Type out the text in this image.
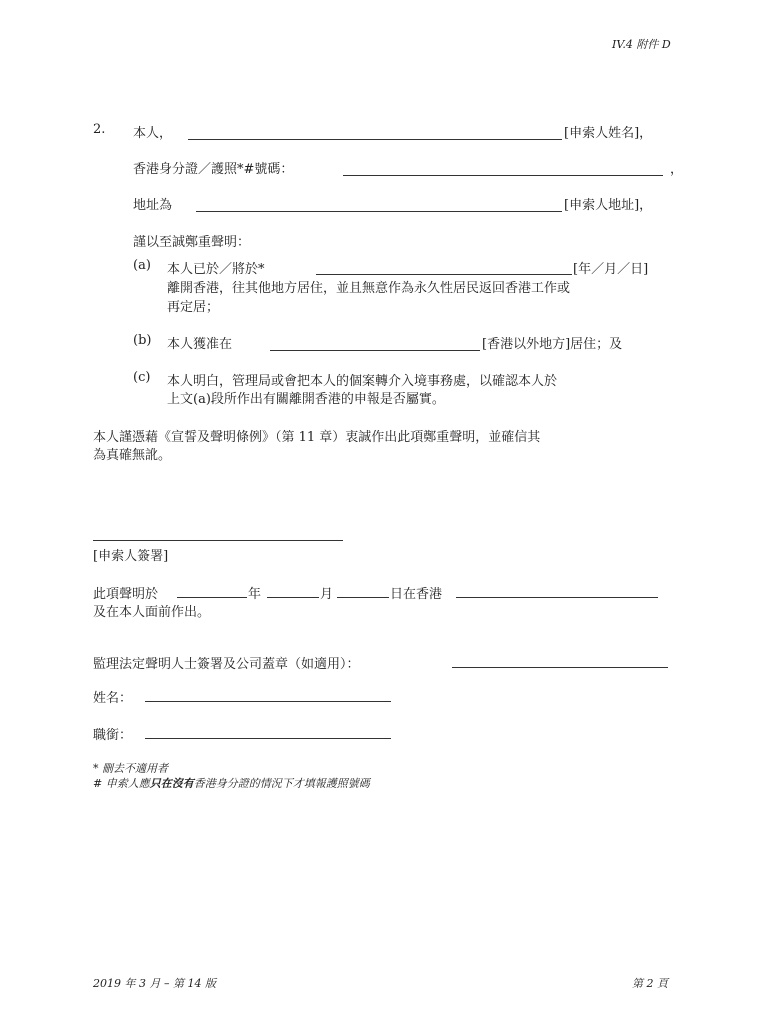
IV.4 附件 D
2. 本人，	[申索人姓名]，
香港身分證／護照*#號碼：	，
地址為	[申索人地址]，
謹以至誠鄭重聲明：
(a) 本人已於／將於*	[年／月／日]
離開香港，往其他地方居住，並且無意作為永久性居民返回香港工作或
再定居；
(b) 本人獲准在	[香港以外地方]居住；及
(c) 本人明白，管理局或會把本人的個案轉介入境事務處，以確認本人於
上文(a)段所作出有關離開香港的申報是否屬實。
本人謹憑藉《宣誓及聲明條例》（第 11 章）衷誠作出此項鄭重聲明，並確信其
為真確無訛。
[申索人簽署]
此項聲明於	年	月	日在香港
及在本人面前作出。
監理法定聲明人士簽署及公司蓋章（如適用）：
姓名：
職銜：
* 刪去不適用者
# 申索人應只在沒有香港身分證的情況下才填報護照號碼
2019 年 3 月 – 第 14 版	第 2 頁
